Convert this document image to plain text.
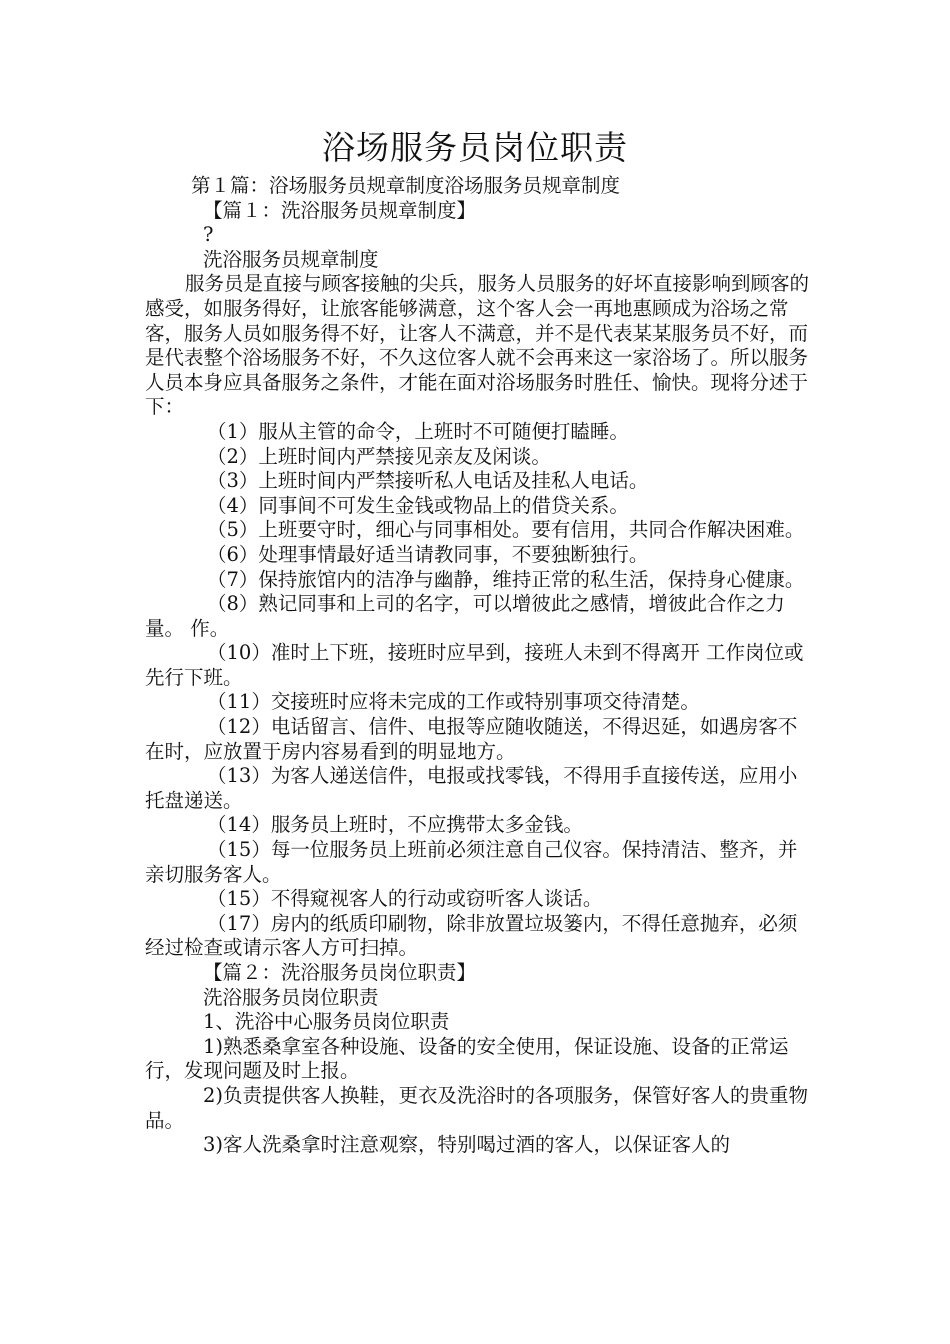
浴场服务员岗位职责

第１篇：浴场服务员规章制度浴场服务员规章制度

【篇１：洗浴服务员规章制度】

?

洗浴服务员规章制度

服务员是直接与顾客接触的尖兵，服务人员服务的好坏直接影响到顾客的感受，如服务得好，让旅客能够满意，这个客人会一再地惠顾成为浴场之常客，服务人员如服务得不好，让客人不满意，并不是代表某某服务员不好，而是代表整个浴场服务不好，不久这位客人就不会再来这一家浴场了。所以服务人员本身应具备服务之条件，才能在面对浴场服务时胜任、愉快。现将分述于下：

（1）服从主管的命令，上班时不可随便打瞌睡。

（2）上班时间内严禁接见亲友及闲谈。

（3）上班时间内严禁接听私人电话及挂私人电话。

（4）同事间不可发生金钱或物品上的借贷关系。

（5）上班要守时，细心与同事相处。要有信用，共同合作解决困难。

（6）处理事情最好适当请教同事，不要独断独行。

（7）保持旅馆内的洁净与幽静，维持正常的私生活，保持身心健康。

（8）熟记同事和上司的名字，可以增彼此之感情，增彼此合作之力量。 作。

（10）准时上下班，接班时应早到，接班人未到不得离开 工作岗位或先行下班。

（11）交接班时应将未完成的工作或特别事项交待清楚。

（12）电话留言、信件、电报等应随收随送，不得迟延，如遇房客不在时，应放置于房内容易看到的明显地方。

（13）为客人递送信件，电报或找零钱，不得用手直接传送，应用小托盘递送。

（14）服务员上班时，不应携带太多金钱。

（15）每一位服务员上班前必须注意自己仪容。保持清洁、整齐，并亲切服务客人。

（15）不得窥视客人的行动或窃听客人谈话。

（17）房内的纸质印刷物，除非放置垃圾篓内，不得任意抛弃，必须经过检查或请示客人方可扫掉。

【篇２：洗浴服务员岗位职责】

洗浴服务员岗位职责

1、洗浴中心服务员岗位职责

1)熟悉桑拿室各种设施、设备的安全使用，保证设施、设备的正常运行，发现问题及时上报。

2)负责提供客人换鞋，更衣及洗浴时的各项服务，保管好客人的贵重物品。

3)客人洗桑拿时注意观察，特别喝过酒的客人，以保证客人的
